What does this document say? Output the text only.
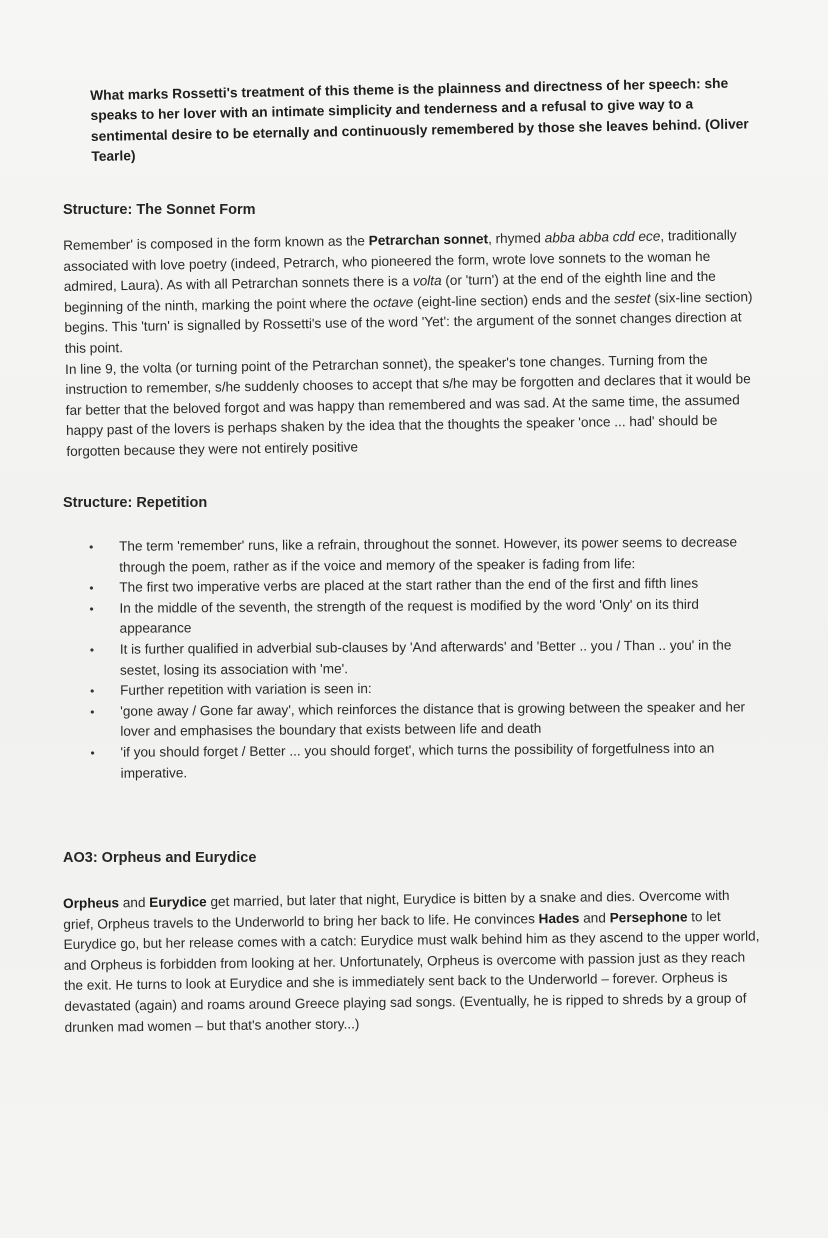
What marks Rossetti's treatment of this theme is the plainness and directness of her speech: she speaks to her lover with an intimate simplicity and tenderness and a refusal to give way to a sentimental desire to be eternally and continuously remembered by those she leaves behind. (Oliver Tearle)
Structure: The Sonnet Form
Remember' is composed in the form known as the Petrarchan sonnet, rhymed abba abba cdd ece, traditionally associated with love poetry (indeed, Petrarch, who pioneered the form, wrote love sonnets to the woman he admired, Laura). As with all Petrarchan sonnets there is a volta (or 'turn') at the end of the eighth line and the beginning of the ninth, marking the point where the octave (eight-line section) ends and the sestet (six-line section) begins. This 'turn' is signalled by Rossetti's use of the word 'Yet': the argument of the sonnet changes direction at this point.
In line 9, the volta (or turning point of the Petrarchan sonnet), the speaker's tone changes. Turning from the instruction to remember, s/he suddenly chooses to accept that s/he may be forgotten and declares that it would be far better that the beloved forgot and was happy than remembered and was sad. At the same time, the assumed happy past of the lovers is perhaps shaken by the idea that the thoughts the speaker 'once ... had' should be forgotten because they were not entirely positive
Structure: Repetition
• The term 'remember' runs, like a refrain, throughout the sonnet. However, its power seems to decrease through the poem, rather as if the voice and memory of the speaker is fading from life:
• The first two imperative verbs are placed at the start rather than the end of the first and fifth lines
• In the middle of the seventh, the strength of the request is modified by the word 'Only' on its third appearance
• It is further qualified in adverbial sub-clauses by 'And afterwards' and 'Better .. you / Than .. you' in the sestet, losing its association with 'me'.
• Further repetition with variation is seen in:
• 'gone away / Gone far away', which reinforces the distance that is growing between the speaker and her lover and emphasises the boundary that exists between life and death
• 'if you should forget / Better ... you should forget', which turns the possibility of forgetfulness into an imperative.
AO3: Orpheus and Eurydice
Orpheus and Eurydice get married, but later that night, Eurydice is bitten by a snake and dies. Overcome with grief, Orpheus travels to the Underworld to bring her back to life. He convinces Hades and Persephone to let Eurydice go, but her release comes with a catch: Eurydice must walk behind him as they ascend to the upper world, and Orpheus is forbidden from looking at her. Unfortunately, Orpheus is overcome with passion just as they reach the exit. He turns to look at Eurydice and she is immediately sent back to the Underworld – forever. Orpheus is devastated (again) and roams around Greece playing sad songs. (Eventually, he is ripped to shreds by a group of drunken mad women – but that's another story...)
